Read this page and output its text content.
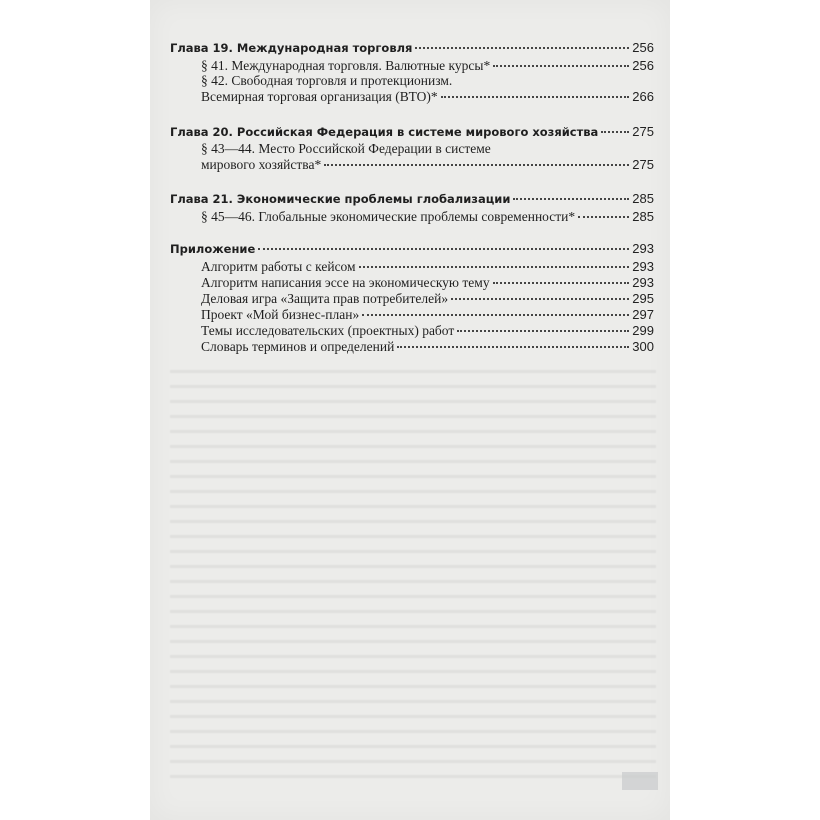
Глава 19. Международная торговля	256
§ 41. Международная торговля. Валютные курсы*	256
§ 42. Свободная торговля и протекционизм.
Всемирная торговая организация (ВТО)*	266
Глава 20. Российская Федерация в системе мирового хозяйства	275
§ 43—44. Место Российской Федерации в системе
мирового хозяйства*	275
Глава 21. Экономические проблемы глобализации	285
§ 45—46. Глобальные экономические проблемы современности*	285
Приложение	293
Алгоритм работы с кейсом	293
Алгоритм написания эссе на экономическую тему	293
Деловая игра «Защита прав потребителей»	295
Проект «Мой бизнес-план»	297
Темы исследовательских (проектных) работ	299
Словарь терминов и определений	300
